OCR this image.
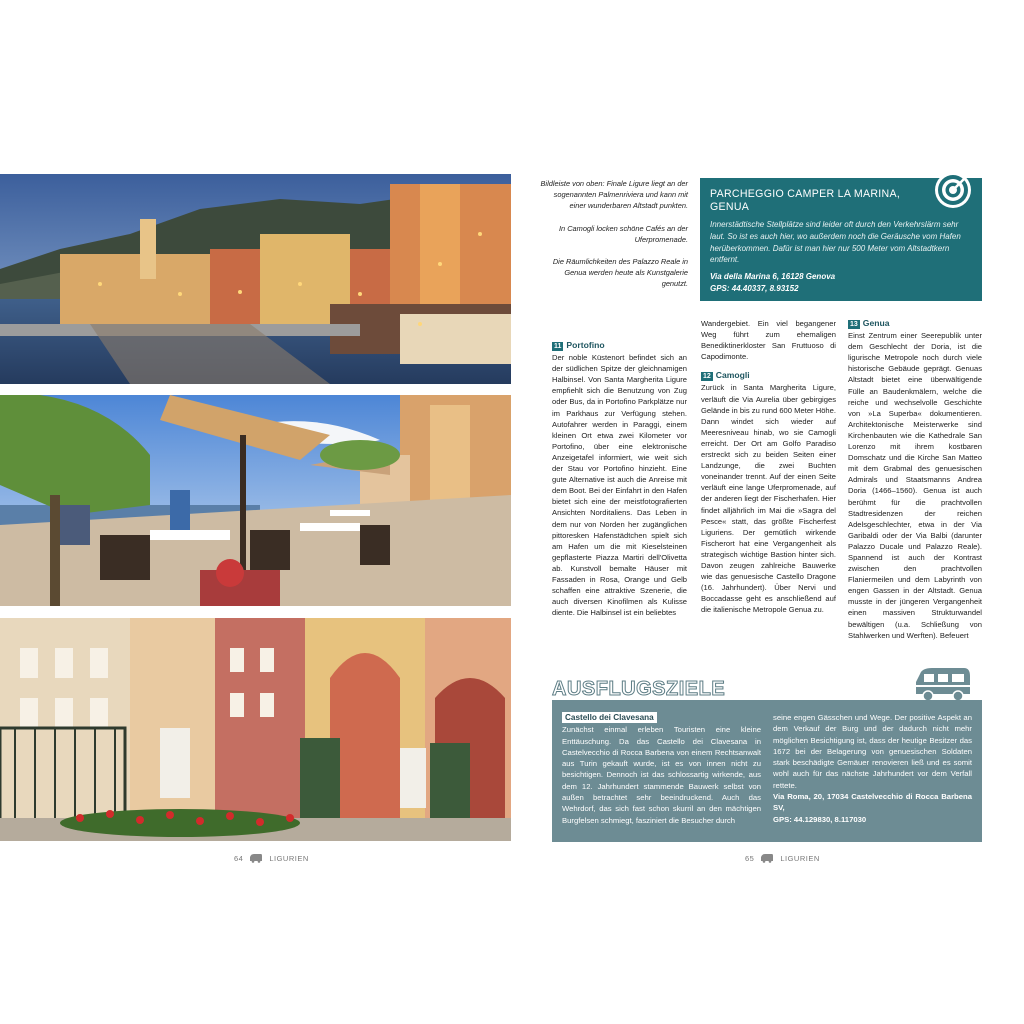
Bildleiste von oben: Finale Ligure liegt an der sogenannten Palmenriviera und kann mit einer wunderbaren Altstadt punkten.

In Camogli locken schöne Cafés an der Uferpromenade.

Die Räumlichkeiten des Palazzo Reale in Genua werden heute als Kunstgalerie genutzt.

PARCHEGGIO CAMPER LA MARINA, GENUA
Innerstädtische Stellplätze sind leider oft durch den Verkehrslärm sehr laut. So ist es auch hier, wo außerdem noch die Geräusche vom Hafen herüberkommen. Dafür ist man hier nur 500 Meter vom Altstadtkern entfernt.
Via della Marina 6, 16128 Genova
GPS: 44.40337, 8.93152
11 Portofino

Der noble Küstenort befindet sich an der südlichen Spitze der gleichnamigen Halbinsel. Von Santa Margherita Ligure empfiehlt sich die Benutzung von Zug oder Bus, da in Portofino Parkplätze nur im Parkhaus zur Verfügung stehen. Autofahrer werden in Paraggi, einem kleinen Ort etwa zwei Kilometer vor Portofino, über eine elektronische Anzeigetafel informiert, wie weit sich der Stau vor Portofino hinzieht. Eine gute Alternative ist auch die Anreise mit dem Boot. Bei der Einfahrt in den Hafen bietet sich eine der meistfotografierten Ansichten Norditaliens. Das Leben in dem nur von Norden her zugänglichen pittoresken Hafenstädtchen spielt sich am Hafen um die mit Kieselsteinen gepflasterte Piazza Martiri dell'Olivetta ab. Kunstvoll bemalte Häuser mit Fassaden in Rosa, Orange und Gelb schaffen eine attraktive Szenerie, die auch diversen Kinofilmen als Kulisse diente. Die Halbinsel ist ein beliebtes

Wandergebiet. Ein viel begangener Weg führt zum ehemaligen Benediktinerkloster San Fruttuoso di Capodimonte.

12 Camogli

Zurück in Santa Margherita Ligure, verläuft die Via Aurelia über gebirgiges Gelände in bis zu rund 600 Meter Höhe. Dann windet sich wieder auf Meeresniveau hinab, wo sie Camogli erreicht. Der Ort am Golfo Paradiso erstreckt sich zu beiden Seiten einer Landzunge, die zwei Buchten voneinander trennt. Auf der einen Seite verläuft eine lange Uferpromenade, auf der anderen liegt der Fischerhafen. Hier findet alljährlich im Mai die »Sagra del Pesce« statt, das größte Fischerfest Liguriens. Der gemütlich wirkende Fischerort hat eine Vergangenheit als strategisch wichtige Bastion hinter sich. Davon zeugen zahlreiche Bauwerke wie das genuesische Castello Dragone (16. Jahrhundert). Über Nervi und Boccadasse geht es anschließend auf die italienische Metropole Genua zu.

13 Genua

Einst Zentrum einer Seerepublik unter dem Geschlecht der Doria, ist die ligurische Metropole noch durch viele historische Gebäude geprägt. Genuas Altstadt bietet eine überwältigende Fülle an Baudenkmälern, welche die reiche und wechselvolle Geschichte von »La Superba« dokumentieren. Architektonische Meisterwerke sind Kirchenbauten wie die Kathedrale San Lorenzo mit ihrem kostbaren Domschatz und die Kirche San Matteo mit dem Grabmal des genuesischen Admirals und Staatsmanns Andrea Doria (1466–1560). Genua ist auch berühmt für die prachtvollen Stadtresidenzen der reichen Adelsgeschlechter, etwa in der Via Garibaldi oder der Via Balbi (darunter Palazzo Ducale und Palazzo Reale). Spannend ist auch der Kontrast zwischen den prachtvollen Flaniermeilen und dem Labyrinth von engen Gassen in der Altstadt. Genua musste in der jüngeren Vergangenheit einen massiven Strukturwandel bewältigen (u.a. Schließung von Stahlwerken und Werften). Befeuert

AUSFLUGSZIELE
Castello dei Clavesana

Zunächst einmal erleben Touristen eine kleine Enttäuschung. Da das Castello dei Clavesana in Castelvecchio di Rocca Barbena von einem Rechtsanwalt aus Turin gekauft wurde, ist es von innen nicht zu besichtigen. Dennoch ist das schlossartig wirkende, aus dem 12. Jahrhundert stammende Bauwerk selbst von außen betrachtet sehr beeindruckend. Auch das Wehrdorf, das sich fast schon skurril an den mächtigen Burgfelsen schmiegt, fasziniert die Besucher durch

seine engen Gässchen und Wege. Der positive Aspekt an dem Verkauf der Burg und der dadurch nicht mehr möglichen Besichtigung ist, dass der heutige Besitzer das 1672 bei der Belagerung von genuesischen Soldaten stark beschädigte Gemäuer renovieren ließ und es somit wohl auch für das nächste Jahrhundert vor dem Verfall rettete.

Via Roma, 20, 17034 Castelvecchio di Rocca Barbena SV,

GPS: 44.129830, 8.117030

64	LIGURIEN	65	LIGURIEN
